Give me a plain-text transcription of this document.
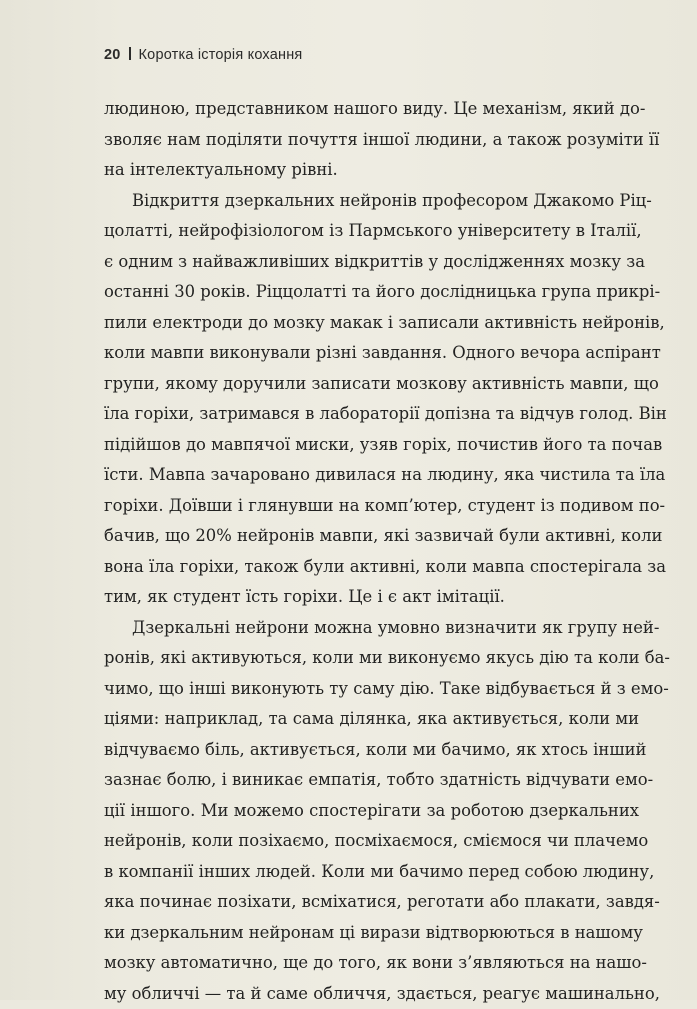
20 Коротка історія кохання
людиною, представником нашого виду. Це механізм, який до-
зволяє нам поділяти почуття іншої людини, а також розуміти її
на інтелектуальному рівні.
Відкриття дзеркальних нейронів професором Джакомо Ріц-
цолатті, нейрофізіологом із Пармського університету в Італії,
є одним з найважливіших відкриттів у дослідженнях мозку за
останні 30 років. Ріццолатті та його дослідницька група прикрі-
пили електроди до мозку макак і записали активність нейронів,
коли мавпи виконували різні завдання. Одного вечора аспірант
групи, якому доручили записати мозкову активність мавпи, що
їла горіхи, затримався в лабораторії допізна та відчув голод. Він
підійшов до мавпячої миски, узяв горіх, почистив його та почав
їсти. Мавпа зачаровано дивилася на людину, яка чистила та їла
горіхи. Доївши і глянувши на комп’ютер, студент із подивом по-
бачив, що 20% нейронів мавпи, які зазвичай були активні, коли
вона їла горіхи, також були активні, коли мавпа спостерігала за
тим, як студент їсть горіхи. Це і є акт імітації.
Дзеркальні нейрони можна умовно визначити як групу ней-
ронів, які активуються, коли ми виконуємо якусь дію та коли ба-
чимо, що інші виконують ту саму дію. Таке відбувається й з емо-
ціями: наприклад, та сама ділянка, яка активується, коли ми
відчуваємо біль, активується, коли ми бачимо, як хтось інший
зазнає болю, і виникає емпатія, тобто здатність відчувати емо-
ції іншого. Ми можемо спостерігати за роботою дзеркальних
нейронів, коли позіхаємо, посміхаємося, сміємося чи плачемо
в компанії інших людей. Коли ми бачимо перед собою людину,
яка починає позіхати, всміхатися, реготати або плакати, завдя-
ки дзеркальним нейронам ці вирази відтворюються в нашому
мозку автоматично, ще до того, як вони з’являються на нашо-
му обличчі — та й саме обличчя, здається, реагує машинально,
